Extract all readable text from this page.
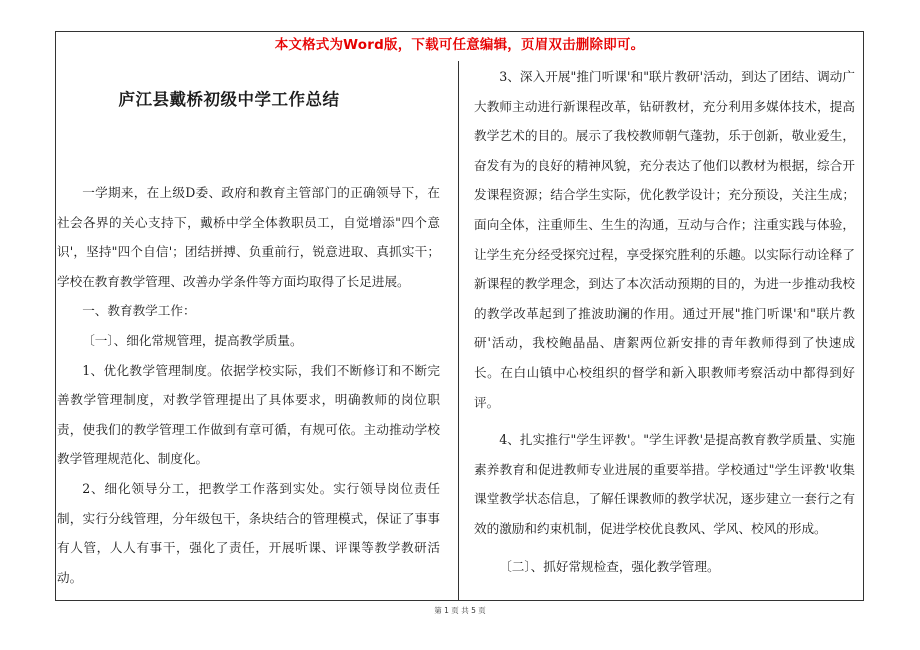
本文格式为Word版，下载可任意编辑，页眉双击删除即可。
庐江县戴桥初级中学工作总结

一学期来，在上级D委、政府和教育主管部门的正确领导下，在社会各界的关心支持下，戴桥中学全体教职员工，自觉增添"四个意识'，坚持"四个自信'；团结拼搏、负重前行，锐意进取、真抓实干；学校在教育教学管理、改善办学条件等方面均取得了长足进展。

一、教育教学工作：

〔一〕、细化常规管理，提高教学质量。

1、优化教学管理制度。依据学校实际，我们不断修订和不断完善教学管理制度，对教学管理提出了具体要求，明确教师的岗位职责，使我们的教学管理工作做到有章可循，有规可依。主动推动学校教学管理规范化、制度化。

2、细化领导分工，把教学工作落到实处。实行领导岗位责任制，实行分线管理，分年级包干，条块结合的管理模式，保证了事事有人管，人人有事干，强化了责任，开展听课、评课等教学教研活动。

3、深入开展"推门听课'和"联片教研'活动，到达了团结、调动广大教师主动进行新课程改革，钻研教材，充分利用多媒体技术，提高教学艺术的目的。展示了我校教师朝气蓬勃，乐于创新，敬业爱生，奋发有为的良好的精神风貌，充分表达了他们以教材为根据，综合开发课程资源；结合学生实际，优化教学设计；充分预设，关注生成；面向全体，注重师生、生生的沟通，互动与合作；注重实践与体验，让学生充分经受探究过程，享受探究胜利的乐趣。以实际行动诠释了新课程的教学理念，到达了本次活动预期的目的，为进一步推动我校的教学改革起到了推波助澜的作用。通过开展"推门听课'和"联片教研'活动，我校鲍晶晶、唐絮两位新安排的青年教师得到了快速成长。在白山镇中心校组织的督学和新入职教师考察活动中都得到好评。

4、扎实推行"学生评教'。"学生评教'是提高教育教学质量、实施素养教育和促进教师专业进展的重要举措。学校通过"学生评教'收集课堂教学状态信息，了解任课教师的教学状况，逐步建立一套行之有效的激励和约束机制，促进学校优良教风、学风、校风的形成。

〔二〕、抓好常规检查，强化教学管理。

第 1 页 共 5 页
